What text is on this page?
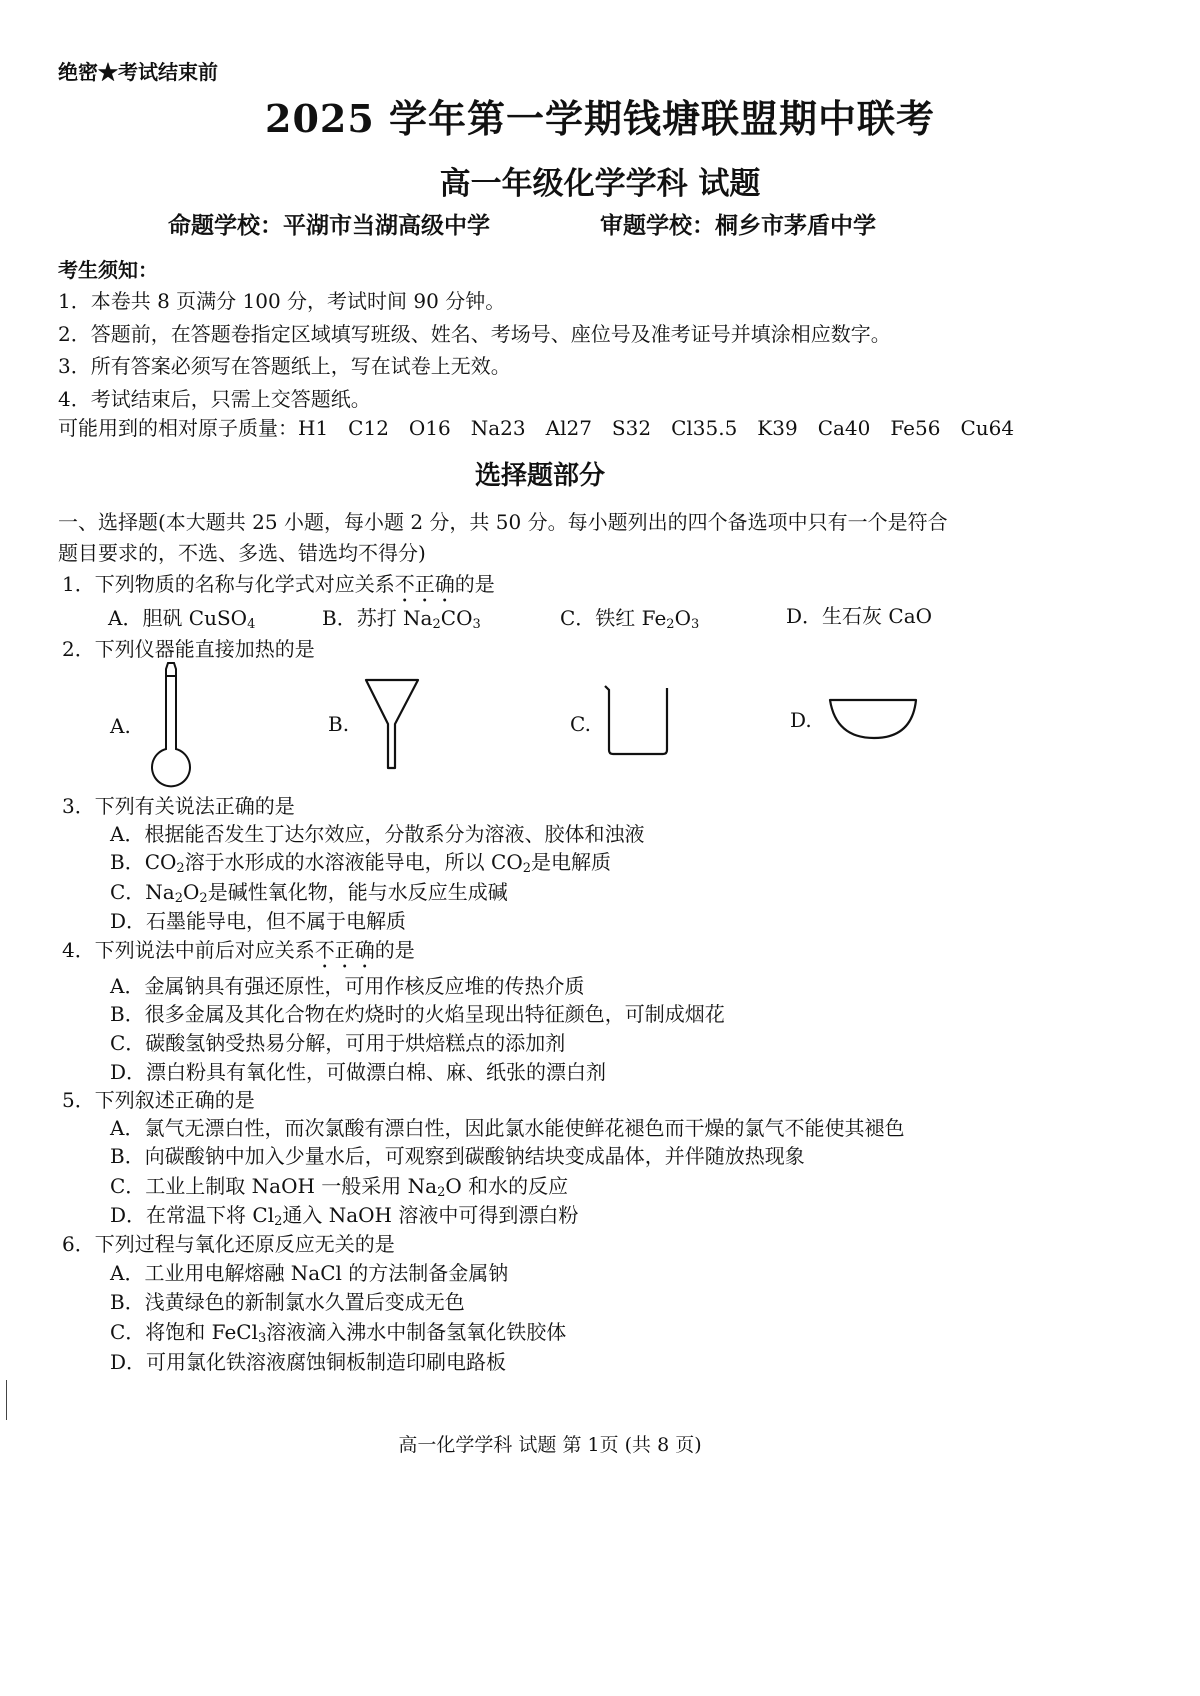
绝密★考试结束前
2025 学年第一学期钱塘联盟期中联考
高一年级化学学科 试题
命题学校：平湖市当湖高级中学	审题学校：桐乡市茅盾中学
考生须知：
1．本卷共 8 页满分 100 分，考试时间 90 分钟。
2．答题前，在答题卷指定区域填写班级、姓名、考场号、座位号及准考证号并填涂相应数字。
3．所有答案必须写在答题纸上，写在试卷上无效。
4．考试结束后，只需上交答题纸。
可能用到的相对原子质量：H1　C12　O16　Na23　Al27　S32　Cl35.5　K39　Ca40　Fe56　Cu64
选择题部分
一、选择题(本大题共 25 小题，每小题 2 分，共 50 分。每小题列出的四个备选项中只有一个是符合
题目要求的，不选、多选、错选均不得分)
1．下列物质的名称与化学式对应关系不正确的是
A．胆矾 CuSO$_4$	B．苏打 $Na_2CO_3$	C．铁红 $Fe_2O_3$	D．生石灰 CaO
2．下列仪器能直接加热的是
A.	B.	C.	D.
3．下列有关说法正确的是
A．根据能否发生丁达尔效应，分散系分为溶液、胶体和浊液
B．$CO_2$溶于水形成的水溶液能导电，所以 $CO_2$是电解质
C．$Na_2O_2$是碱性氧化物，能与水反应生成碱
D．石墨能导电，但不属于电解质
4．下列说法中前后对应关系不正确的是
A．金属钠具有强还原性，可用作核反应堆的传热介质
B．很多金属及其化合物在灼烧时的火焰呈现出特征颜色，可制成烟花
C．碳酸氢钠受热易分解，可用于烘焙糕点的添加剂
D．漂白粉具有氧化性，可做漂白棉、麻、纸张的漂白剂
5．下列叙述正确的是
A．氯气无漂白性，而次氯酸有漂白性，因此氯水能使鲜花褪色而干燥的氯气不能使其褪色
B．向碳酸钠中加入少量水后，可观察到碳酸钠结块变成晶体，并伴随放热现象
C．工业上制取 NaOH 一般采用 $Na_2O$ 和水的反应
D．在常温下将 $Cl_2$通入 NaOH 溶液中可得到漂白粉
6．下列过程与氧化还原反应无关的是
A．工业用电解熔融 NaCl 的方法制备金属钠
B．浅黄绿色的新制氯水久置后变成无色
C．将饱和 FeCl$_3$溶液滴入沸水中制备氢氧化铁胶体
D．可用氯化铁溶液腐蚀铜板制造印刷电路板
高一化学学科 试题 第 1页 (共 8 页)
